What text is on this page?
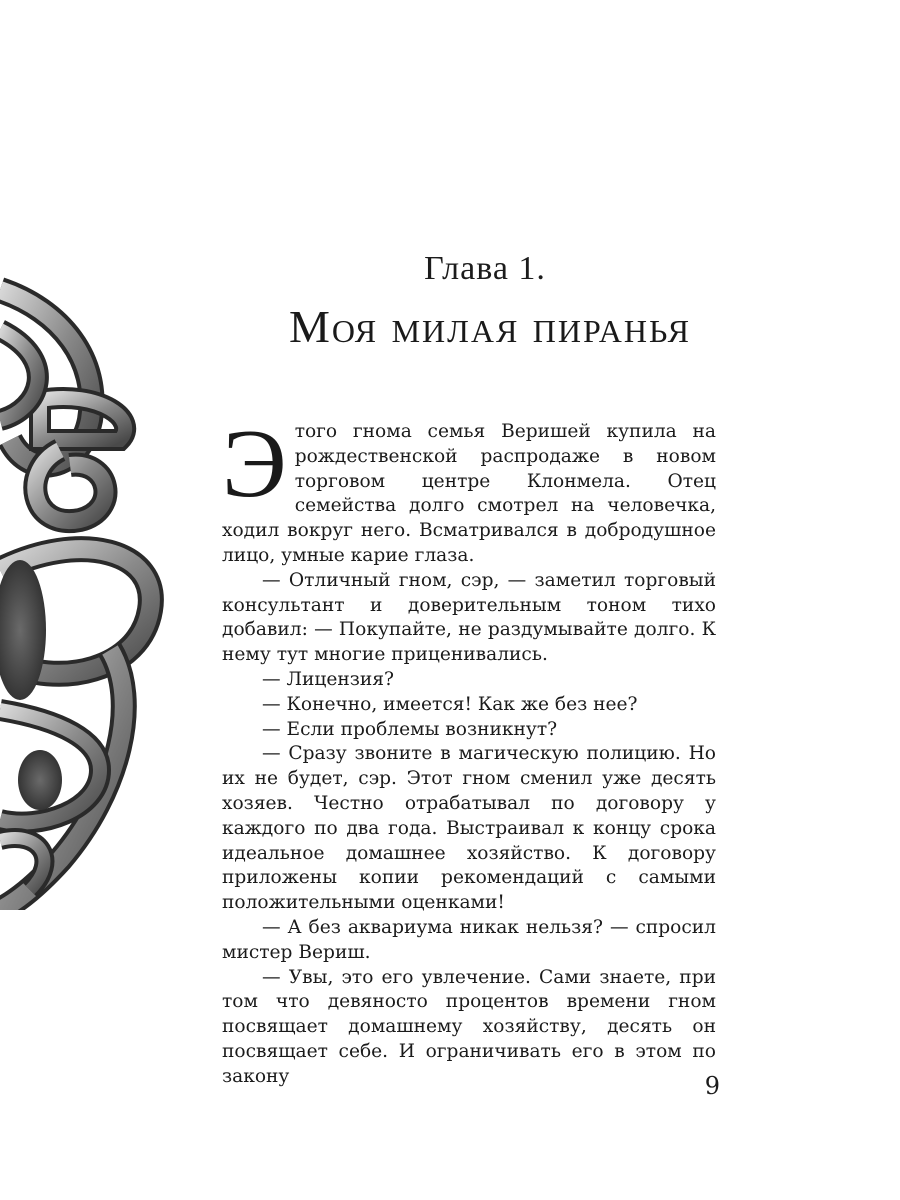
Глава 1.
Моя милая пиранья

Этого гнома семья Веришей купила на рождественской распродаже в новом торговом центре Клонмела. Отец семейства долго смотрел на человечка, ходил вокруг него. Всматривался в добродушное лицо, умные карие глаза.

— Отличный гном, сэр, — заметил торговый консультант и доверительным тоном тихо добавил: — Покупайте, не раздумывайте долго. К нему тут многие приценивались.

— Лицензия?

— Конечно, имеется! Как же без нее?

— Если проблемы возникнут?

— Сразу звоните в магическую полицию. Но их не будет, сэр. Этот гном сменил уже десять хозяев. Честно отрабатывал по договору у каждого по два года. Выстраивал к концу срока идеальное домашнее хозяйство. К договору приложены копии рекомендаций с самыми положительными оценками!

— А без аквариума никак нельзя? — спросил мистер Вериш.

— Увы, это его увлечение. Сами знаете, при том что девяносто процентов времени гном посвящает домашнему хозяйству, десять он посвящает себе. И ограничивать его в этом по закону	9
